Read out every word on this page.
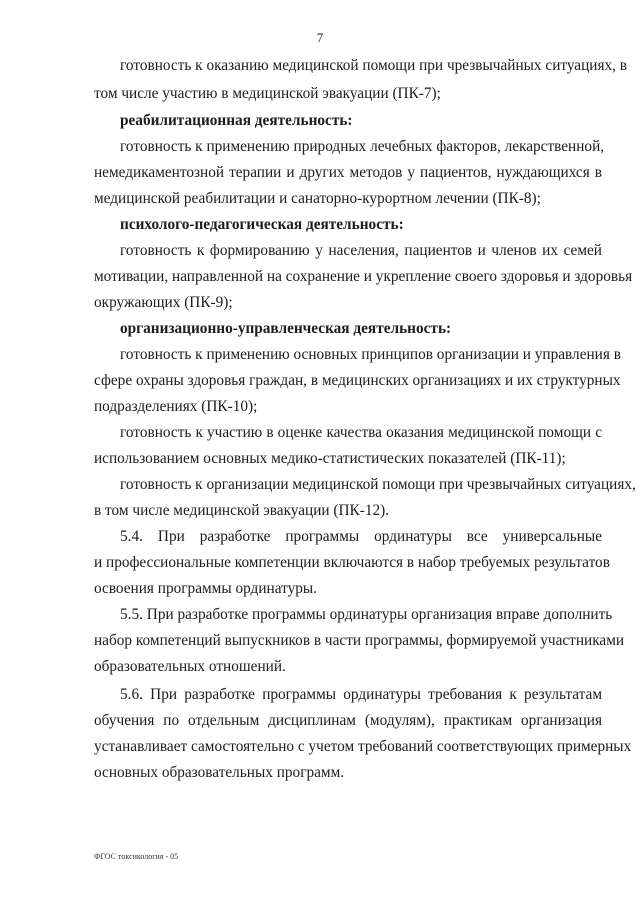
7

готовность к оказанию медицинской помощи при чрезвычайных ситуациях, в

том числе участию в медицинской эвакуации (ПК-7);

реабилитационная деятельность:

готовность к применению природных лечебных факторов, лекарственной,

немедикаментозной терапии и других методов у пациентов, нуждающихся в

медицинской реабилитации и санаторно-курортном лечении (ПК-8);

психолого-педагогическая деятельность:

готовность к формированию у населения, пациентов и членов их семей

мотивации, направленной на сохранение и укрепление своего здоровья и здоровья

окружающих (ПК-9);

организационно-управленческая деятельность:

готовность к применению основных принципов организации и управления в

сфере охраны здоровья граждан, в медицинских организациях и их структурных

подразделениях (ПК-10);

готовность к участию в оценке качества оказания медицинской помощи с

использованием основных медико-статистических показателей (ПК-11);

готовность к организации медицинской помощи при чрезвычайных ситуациях,

в том числе медицинской эвакуации (ПК-12).

5.4. При разработке программы ординатуры все универсальные

и профессиональные компетенции включаются в набор требуемых результатов

освоения программы ординатуры.

5.5. При разработке программы ординатуры организация вправе дополнить

набор компетенций выпускников в части программы, формируемой участниками

образовательных отношений.

5.6. При разработке программы ординатуры требования к результатам

обучения по отдельным дисциплинам (модулям), практикам организация

устанавливает самостоятельно с учетом требований соответствующих примерных

основных образовательных программ.

ФГОС токсикология - 05
